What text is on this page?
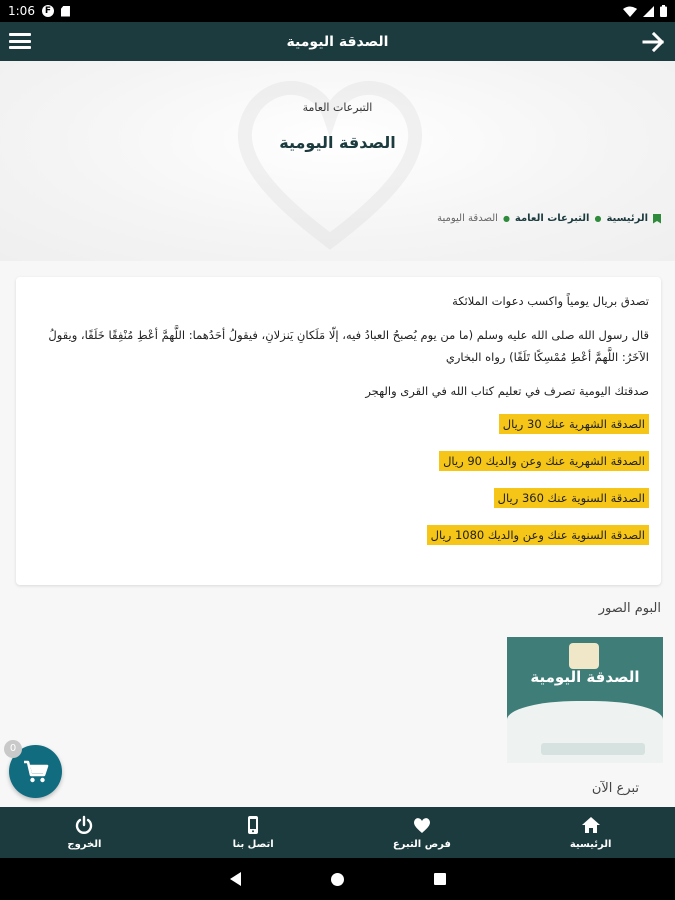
1:06	F
الصدقة اليومية
التبرعات العامة
الصدقة اليومية
الرئيسية
●
التبرعات العامة
●
الصدقة اليومية

تصدق بريال يومياً واكسب دعوات الملائكة

قال رسول الله صلى الله عليه وسلم (ما من يوم يُصبحُ العبادُ فيه، إلّا مَلَكانِ يَنزلانِ، فيقولُ أحَدُهما: اللَّهمَّ أعْطِ مُنْفِقًا خَلَفًا، ويقولُ الآخَرُ: اللَّهمَّ أعْطِ مُمْسِكًا تَلَفًا) رواه البخاري

صدقتك اليومية تصرف في تعليم كتاب الله في القرى والهجر

الصدقة الشهرية عنك 30 ريال
الصدقة الشهرية عنك وعن والديك 90 ريال
الصدقة السنوية عنك 360 ريال
الصدقة السنوية عنك وعن والديك 1080 ريال
البوم الصور
الصدقة اليومية
تبرع الآن
0
الخروج	اتصل بنا	فرص التبرع	الرئيسية
